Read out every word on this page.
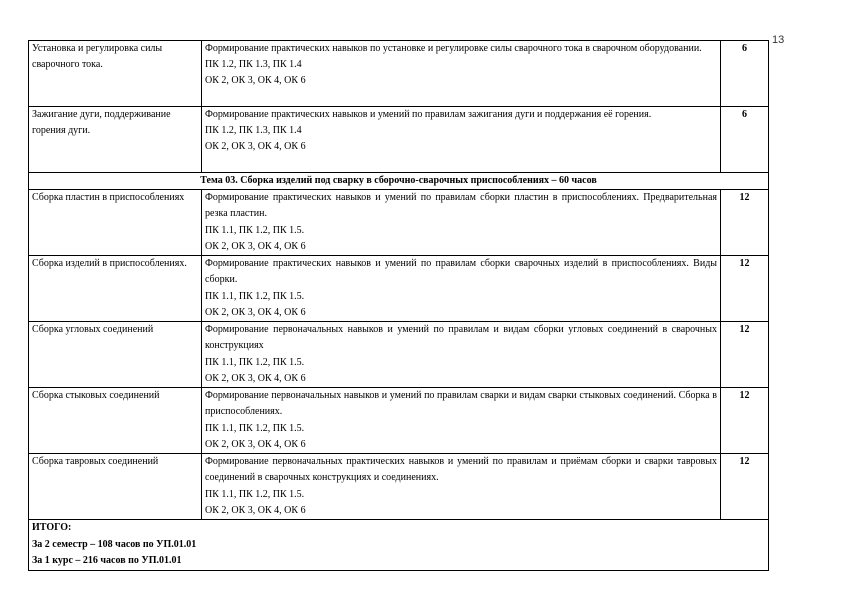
13
Установка и регулировка силы сварочного тока.	Формирование практических навыков по установке и регулировке силы сварочного тока в сварочном оборудовании.
ПК 1.2, ПК 1.3, ПК 1.4
ОК 2, ОК 3, ОК 4, ОК 6	6
Зажигание дуги, поддерживание горения дуги.	Формирование практических навыков и умений по правилам зажигания дуги и поддержания её горения.
ПК 1.2, ПК 1.3, ПК 1.4
ОК 2, ОК 3, ОК 4, ОК 6	6
Тема 03. Сборка изделий под сварку в сборочно-сварочных приспособлениях – 60 часов		
Сборка пластин в приспособлениях	Формирование практических навыков и умений по правилам сборки пластин в приспособлениях. Предварительная резка пластин.
ПК 1.1, ПК 1.2, ПК 1.5.
ОК 2, ОК 3, ОК 4, ОК 6	12
Сборка изделий в приспособлениях.	Формирование практических навыков и умений по правилам сборки сварочных изделий в приспособлениях. Виды сборки.
ПК 1.1, ПК 1.2, ПК 1.5.
ОК 2, ОК 3, ОК 4, ОК 6	12
Сборка угловых соединений	Формирование первоначальных навыков и умений по правилам и видам сборки угловых соединений в сварочных конструкциях
ПК 1.1, ПК 1.2, ПК 1.5.
ОК 2, ОК 3, ОК 4, ОК 6	12
Сборка стыковых соединений	Формирование первоначальных навыков и умений по правилам сварки и видам сварки стыковых соединений. Сборка в приспособлениях.
ПК 1.1, ПК 1.2, ПК 1.5.
ОК 2, ОК 3, ОК 4, ОК 6	12
Сборка тавровых соединений	Формирование первоначальных практических навыков и умений по правилам и приёмам сборки и сварки тавровых соединений в сварочных конструкциях и соединениях.
ПК 1.1, ПК 1.2, ПК 1.5.
ОК 2, ОК 3, ОК 4, ОК 6	12

ИТОГО:
За 2 семестр – 108 часов по УП.01.01
За 1 курс – 216 часов по УП.01.01		
